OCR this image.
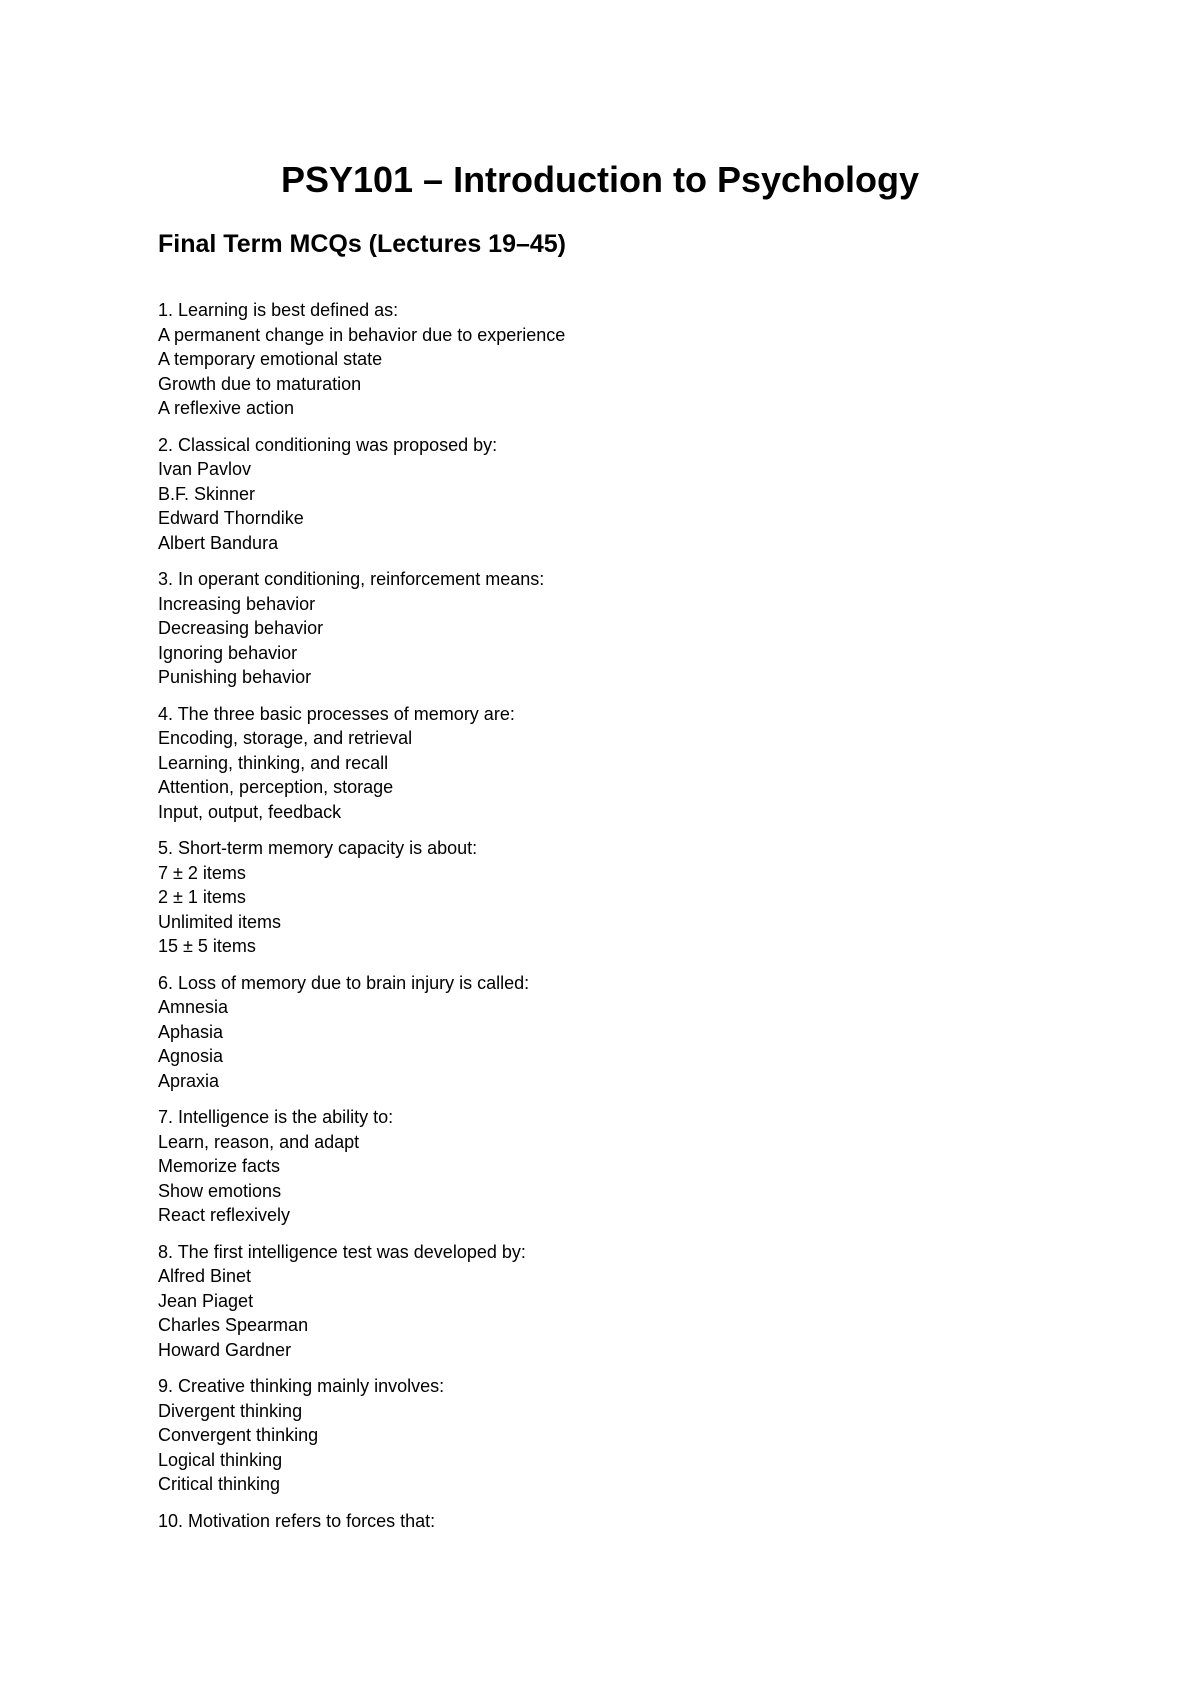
PSY101 – Introduction to Psychology
Final Term MCQs (Lectures 19–45)

1. Learning is best defined as:

A permanent change in behavior due to experience

A temporary emotional state

Growth due to maturation

A reflexive action

2. Classical conditioning was proposed by:

Ivan Pavlov

B.F. Skinner

Edward Thorndike

Albert Bandura

3. In operant conditioning, reinforcement means:

Increasing behavior

Decreasing behavior

Ignoring behavior

Punishing behavior

4. The three basic processes of memory are:

Encoding, storage, and retrieval

Learning, thinking, and recall

Attention, perception, storage

Input, output, feedback

5. Short-term memory capacity is about:

7 ± 2 items

2 ± 1 items

Unlimited items

15 ± 5 items

6. Loss of memory due to brain injury is called:

Amnesia

Aphasia

Agnosia

Apraxia

7. Intelligence is the ability to:

Learn, reason, and adapt

Memorize facts

Show emotions

React reflexively

8. The first intelligence test was developed by:

Alfred Binet

Jean Piaget

Charles Spearman

Howard Gardner

9. Creative thinking mainly involves:

Divergent thinking

Convergent thinking

Logical thinking

Critical thinking

10. Motivation refers to forces that:
